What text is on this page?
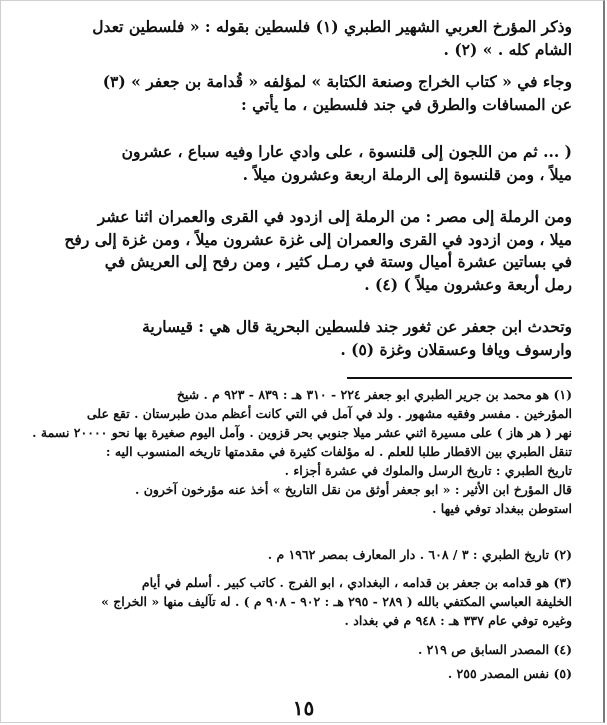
وذكر المؤرخ العربي الشهير الطبري (١) فلسطين بقوله : « فلسطين تعدل
الشام كله . » (٢) .
وجاء في « كتاب الخراج وصنعة الكتابة » لمؤلفه « قُدامة بن جعفر » (٣)
عن المسافات والطرق في جند فلسطين ، ما يأتي :
( ... ثم من اللجون إلى قلنسوة ، على وادي عارا وفيه سباع ، عشرون
ميلاً ، ومن قلنسوة إلى الرملة اربعة وعشرون ميلاً .
ومن الرملة إلى مصر : من الرملة إلى ازدود في القرى والعمران اثنا عشر
ميلا ، ومن ازدود في القرى والعمران إلى غزة عشرون ميلاً ، ومن غزة إلى رفح
في بساتين عشرة أميال وستة في رمـل كثير ، ومن رفح إلى العريش في
رمل أربعة وعشرون ميلاً ) (٤) .
وتحدث ابن جعفر عن ثغور جند فلسطين البحرية قال هي : قيسارية
وارسوف ويافا وعسقلان وغزة (٥) .
(١) هو محمد بن جرير الطبري ابو جعفر ٢٢٤ - ٣١٠ هـ : ٨٣٩ - ٩٢٣ م . شيخ
المؤرخين . مفسر وفقيه مشهور . ولد في آمل في التي كانت أعظم مدن طبرستان . تقع على
نهر ( هر هاز ) على مسيرة اثني عشر ميلا جنوبي بحر قزوين . وآمل اليوم صغيرة بها نحو ٢٠٠٠٠ نسمة .
تنقل الطبري بين الاقطار طلبا للعلم . له مؤلفات كثيرة في مقدمتها تاريخه المنسوب اليه :
تاريخ الطبري : تاريخ الرسل والملوك في عشرة أجزاء .
قال المؤرخ ابن الأثير : « ابو جعفر أوثق من نقل التاريخ » أخذ عنه مؤرخون آخرون .
استوطن ببغداد توفي فيها .
(٢) تاريخ الطبري : ٣ / ٦٠٨ . دار المعارف بمصر ١٩٦٢ م .
(٣) هو قدامه بن جعفر بن قدامه ، البغدادي ، ابو الفرج . كاتب كبير . أسلم في أيام
الخليفة العباسي المكتفي بالله ( ٢٨٩ - ٢٩٥ هـ : ٩٠٢ - ٩٠٨ م ) . له تآليف منها « الخراج »
وغيره توفي عام ٣٣٧ هـ : ٩٤٨ م في بغداد .
(٤) المصدر السابق ص ٢١٩ .
(٥) نفس المصدر ٢٥٥ .
١٥
